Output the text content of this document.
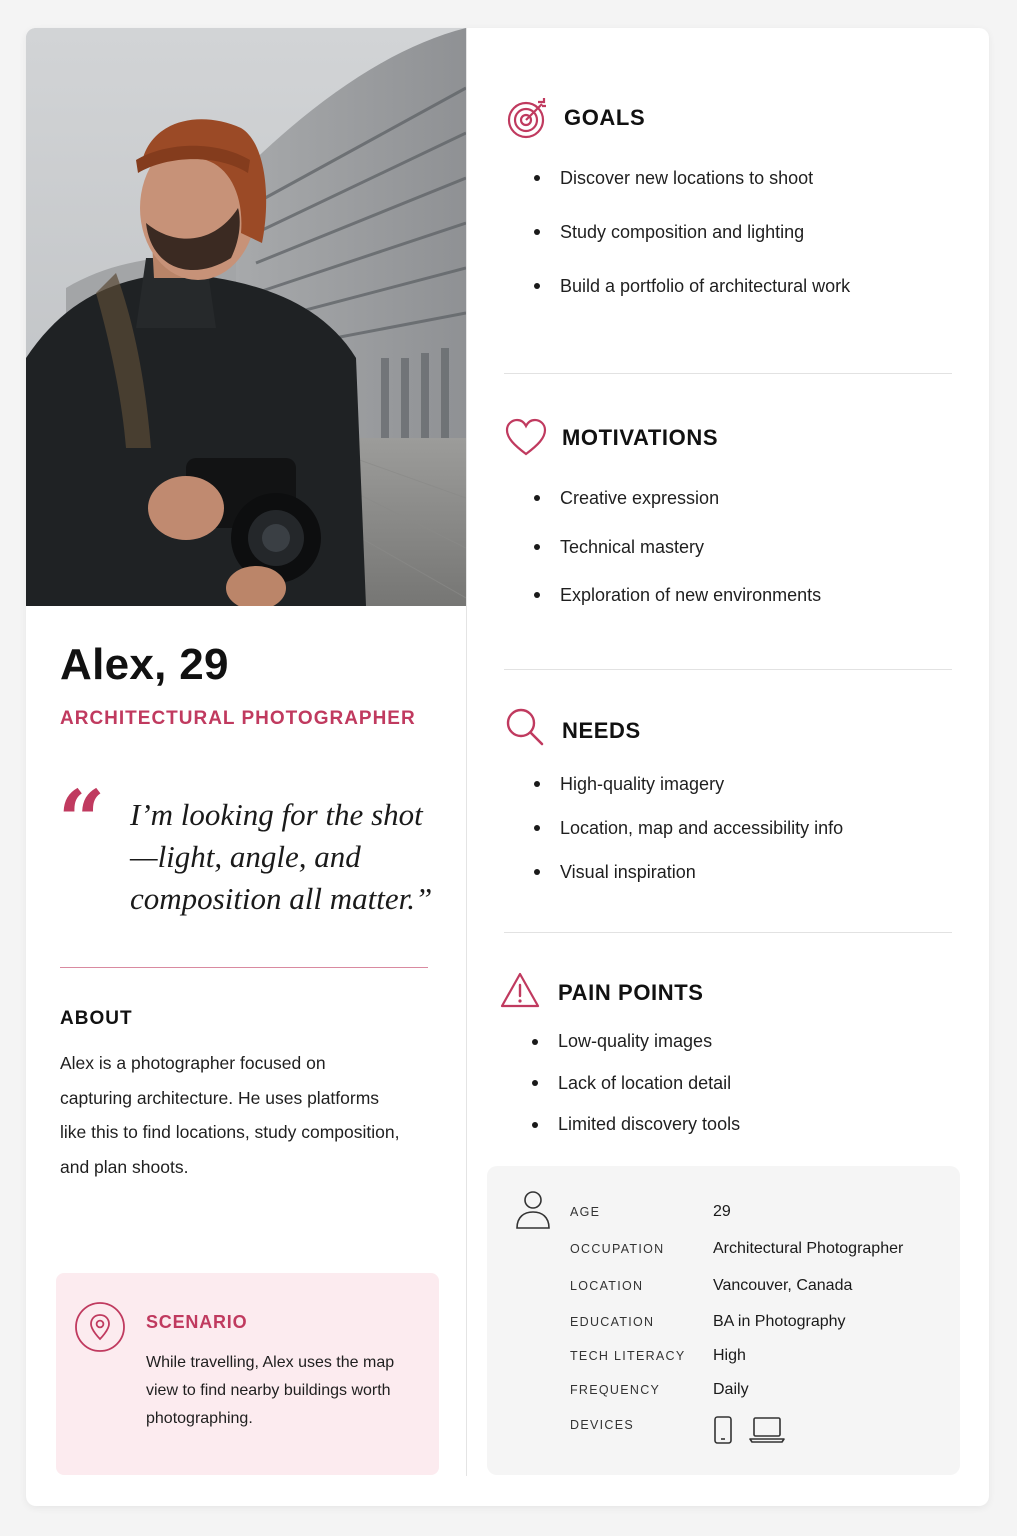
Alex, 29
ARCHITECTURAL PHOTOGRAPHER
“ I’m looking for the shot—light, angle, and composition all matter.”
ABOUT
Alex is a photographer focused on capturing architecture. He uses platforms like this to find locations, study composition, and plan shoots.
SCENARIO
While travelling, Alex uses the map view to find nearby buildings worth photographing.
GOALS
Discover new locations to shoot
Study composition and lighting
Build a portfolio of architectural work
MOTIVATIONS
Creative expression
Technical mastery
Exploration of new environments
NEEDS
High-quality imagery
Location, map and accessibility info
Visual inspiration
PAIN POINTS
Low-quality images
Lack of location detail
Limited discovery tools
AGE	29
OCCUPATION	Architectural Photographer
LOCATION	Vancouver, Canada
EDUCATION	BA in Photography
TECH LITERACY High
FREQUENCY	Daily
DEVICES
